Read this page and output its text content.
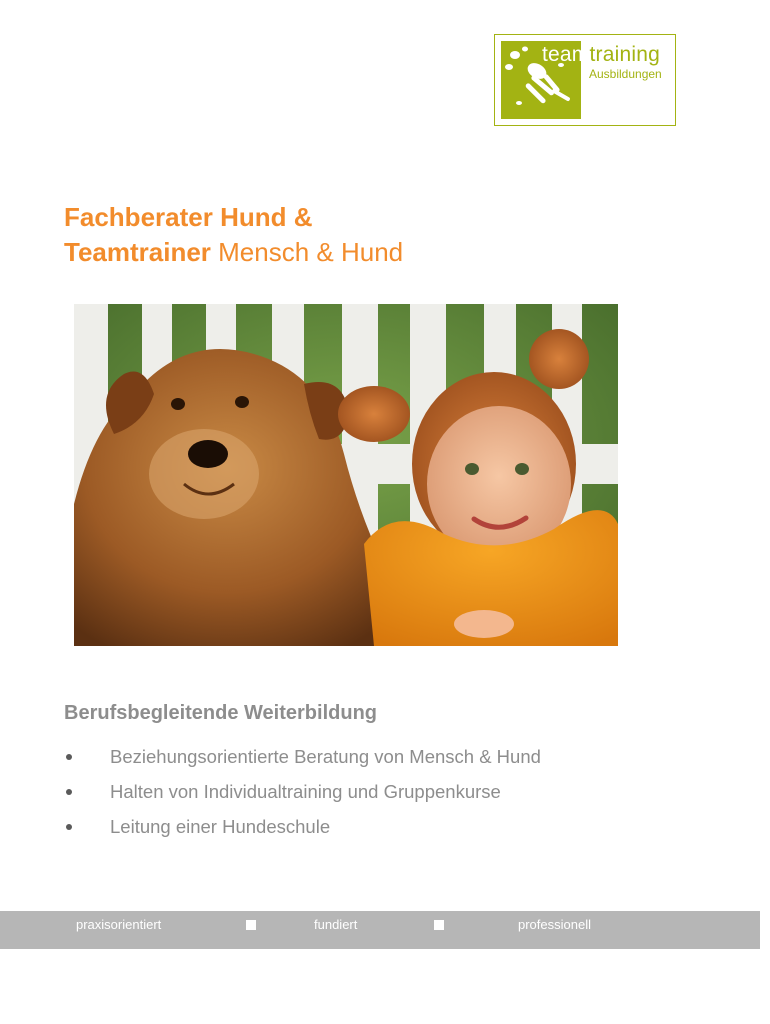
teamtraining
Ausbildungen
Fachberater Hund &
Teamtrainer Mensch & Hund
Berufsbegleitende Weiterbildung
Beziehungsorientierte Beratung von Mensch & Hund
Halten von Individualtraining und Gruppenkurse
Leitung einer Hundeschule
praxisorientiert	fundiert	professionell
